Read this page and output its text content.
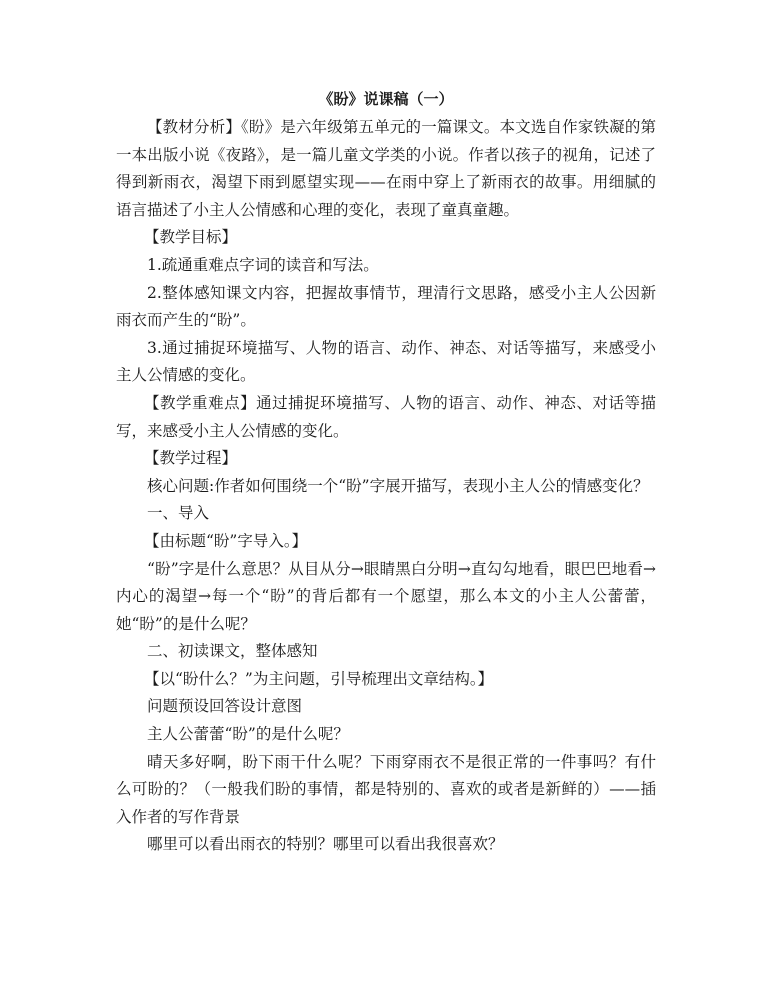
《盼》说课稿（一）

【教材分析】《盼》是六年级第五单元的一篇课文。本文选自作家铁凝的第一本出版小说《夜路》，是一篇儿童文学类的小说。作者以孩子的视角，记述了得到新雨衣，渴望下雨到愿望实现——在雨中穿上了新雨衣的故事。用细腻的语言描述了小主人公情感和心理的变化，表现了童真童趣。

【教学目标】

1.疏通重难点字词的读音和写法。

2.整体感知课文内容，把握故事情节，理清行文思路，感受小主人公因新雨衣而产生的“盼”。

3.通过捕捉环境描写、人物的语言、动作、神态、对话等描写，来感受小主人公情感的变化。

【教学重难点】通过捕捉环境描写、人物的语言、动作、神态、对话等描写，来感受小主人公情感的变化。

【教学过程】

核心问题:作者如何围绕一个“盼”字展开描写，表现小主人公的情感变化？

一、导入

【由标题“盼”字导入。】

“盼”字是什么意思？从目从分→眼睛黑白分明→直勾勾地看，眼巴巴地看→内心的渴望→每一个“盼”的背后都有一个愿望，那么本文的小主人公蕾蕾，她“盼”的是什么呢？

二、初读课文，整体感知

【以“盼什么？”为主问题，引导梳理出文章结构。】

问题预设回答设计意图

主人公蕾蕾“盼”的是什么呢？

晴天多好啊，盼下雨干什么呢？下雨穿雨衣不是很正常的一件事吗？有什么可盼的？（一般我们盼的事情，都是特别的、喜欢的或者是新鲜的）——插入作者的写作背景

哪里可以看出雨衣的特别？哪里可以看出我很喜欢？
